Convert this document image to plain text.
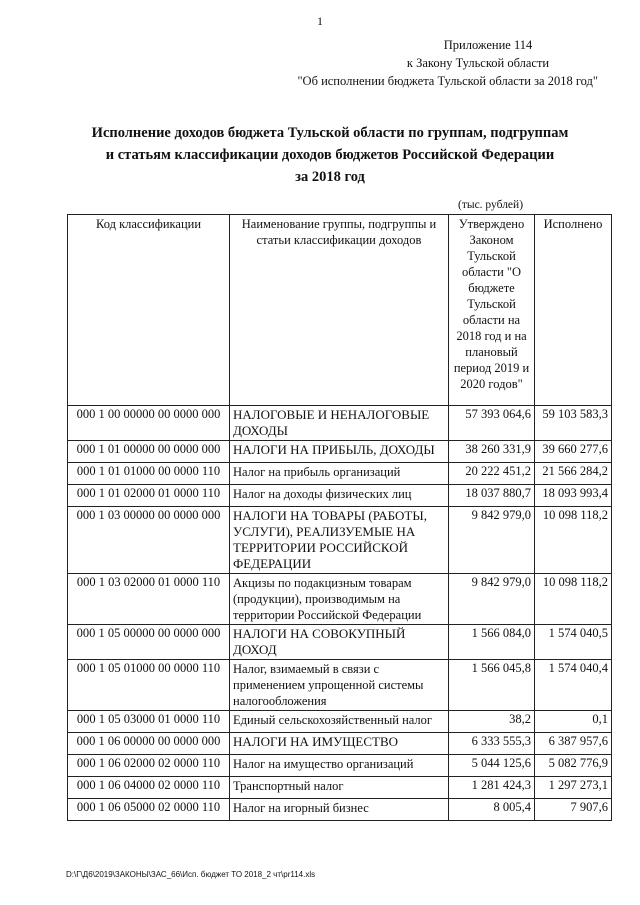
1
Приложение 114
к Закону Тульской области
"Об исполнении бюджета Тульской области за 2018 год"
Исполнение доходов бюджета Тульской области по группам, подгруппам
и статьям классификации доходов бюджетов Российской Федерации
за 2018 год
(тыс. рублей)
Код классификации	Наименование группы, подгруппы и статьи классификации доходов	Утверждено Законом Тульской области "О бюджете Тульской области на 2018 год и на плановый период 2019 и 2020 годов"	Исполнено
000 1 00 00000 00 0000 000	НАЛОГОВЫЕ И НЕНАЛОГОВЫЕ ДОХОДЫ	57 393 064,6	59 103 583,3
000 1 01 00000 00 0000 000	НАЛОГИ НА ПРИБЫЛЬ, ДОХОДЫ	38 260 331,9	39 660 277,6
000 1 01 01000 00 0000 110	Налог на прибыль организаций	20 222 451,2	21 566 284,2
000 1 01 02000 01 0000 110	Налог на доходы физических лиц	18 037 880,7	18 093 993,4
000 1 03 00000 00 0000 000	НАЛОГИ НА ТОВАРЫ (РАБОТЫ, УСЛУГИ), РЕАЛИЗУЕМЫЕ НА ТЕРРИТОРИИ РОССИЙСКОЙ ФЕДЕРАЦИИ	9 842 979,0	10 098 118,2
000 1 03 02000 01 0000 110	Акцизы по подакцизным товарам (продукции), производимым на территории Российской Федерации	9 842 979,0	10 098 118,2
000 1 05 00000 00 0000 000	НАЛОГИ НА СОВОКУПНЫЙ ДОХОД	1 566 084,0	1 574 040,5
000 1 05 01000 00 0000 110	Налог, взимаемый в связи с применением упрощенной системы налогообложения	1 566 045,8	1 574 040,4
000 1 05 03000 01 0000 110	Единый сельскохозяйственный налог	38,2	0,1
000 1 06 00000 00 0000 000	НАЛОГИ НА ИМУЩЕСТВО	6 333 555,3	6 387 957,6
000 1 06 02000 02 0000 110	Налог на имущество организаций	5 044 125,6	5 082 776,9
000 1 06 04000 02 0000 110	Транспортный налог	1 281 424,3	1 297 273,1
000 1 06 05000 02 0000 110	Налог на игорный бизнес	8 005,4	7 907,6
D:\Г\Д6\2019\ЗАКОНЫ\ЗАС_66\Исп. бюджет ТО 2018_2 чт\pr114.xls
